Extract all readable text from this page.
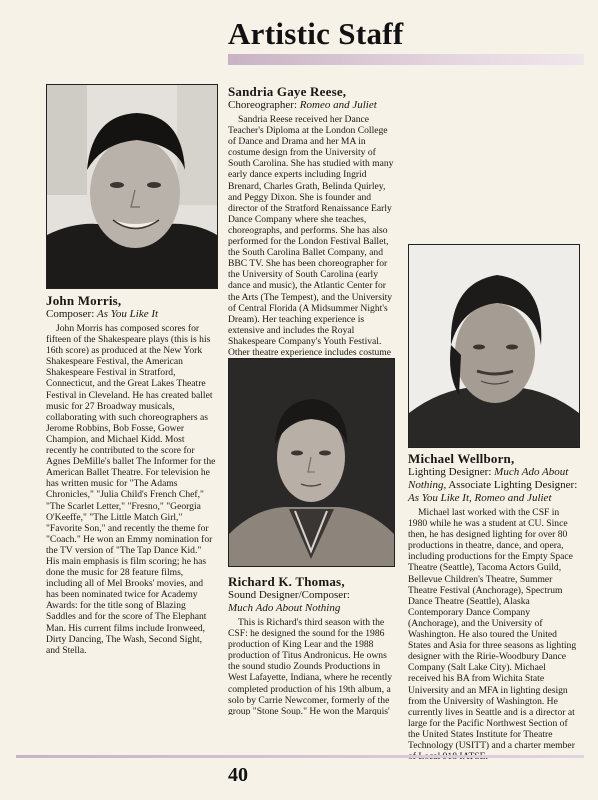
Artistic Staff
John Morris,
Composer: As You Like It

John Morris has composed scores for fifteen of the Shakespeare plays (this is his 16th score) as produced at the New York Shakespeare Festival, the American Shakespeare Festival in Stratford, Connecticut, and the Great Lakes Theatre Festival in Cleveland. He has created ballet music for 27 Broadway musicals, collaborating with such choreographers as Jerome Robbins, Bob Fosse, Gower Champion, and Michael Kidd. Most recently he contributed to the score for Agnes DeMille's ballet The Informer for the American Ballet Theatre. For television he has written music for "The Adams Chronicles," "Julia Child's French Chef," "The Scarlet Letter," "Fresno," "Georgia O'Keeffe," "The Little Match Girl," "Favorite Son," and recently the theme for "Coach." He won an Emmy nomination for the TV version of "The Tap Dance Kid." His main emphasis is film scoring; he has done the music for 28 feature films, including all of Mel Brooks' movies, and has been nominated twice for Academy Awards: for the title song of Blazing Saddles and for the score of The Elephant Man. His current films include Ironweed, Dirty Dancing, The Wash, Second Sight, and Stella.

Sandria Gaye Reese,
Choreographer: Romeo and Juliet

Sandria Reese received her Dance Teacher's Diploma at the London College of Dance and Drama and her MA in costume design from the University of South Carolina. She has studied with many early dance experts including Ingrid Brenard, Charles Grath, Belinda Quirley, and Peggy Dixon. She is founder and director of the Stratford Renaissance Early Dance Company where she teaches, choreographs, and performs. She has also performed for the London Festival Ballet, the South Carolina Ballet Company, and BBC TV. She has been choreographer for the University of South Carolina (early dance and music), the Atlantic Center for the Arts (The Tempest), and the University of Central Florida (A Midsummer Night's Dream). Her teaching experience is extensive and includes the Royal Shakespeare Company's Youth Festival. Other theatre experience includes costume

Richard K. Thomas,
Sound Designer/Composer:
Much Ado About Nothing

This is Richard's third season with the CSF: he designed the sound for the 1986 production of King Lear and the 1988 production of Titus Andronicus. He owns the sound studio Zounds Productions in West Lafayette, Indiana, where he recently completed production of his 19th album, a solo by Carrie Newcomer, formerly of the group "Stone Soup." He won the Marquis'

Michael Wellborn,
Lighting Designer: Much Ado About Nothing, Associate Lighting Designer: As You Like It, Romeo and Juliet

Michael last worked with the CSF in 1980 while he was a student at CU. Since then, he has designed lighting for over 80 productions in theatre, dance, and opera, including productions for the Empty Space Theatre (Seattle), Tacoma Actors Guild, Bellevue Children's Theatre, Summer Theatre Festival (Anchorage), Spectrum Dance Theatre (Seattle), Alaska Contemporary Dance Company (Anchorage), and the University of Washington. He also toured the United States and Asia for three seasons as lighting designer with the Ririe-Woodbury Dance Company (Salt Lake City). Michael received his BA from Wichita State University and an MFA in lighting design from the University of Washington. He currently lives in Seattle and is a director at large for the Pacific Northwest Section of the United States Institute for Theatre Technology (USITT) and a charter member

40
